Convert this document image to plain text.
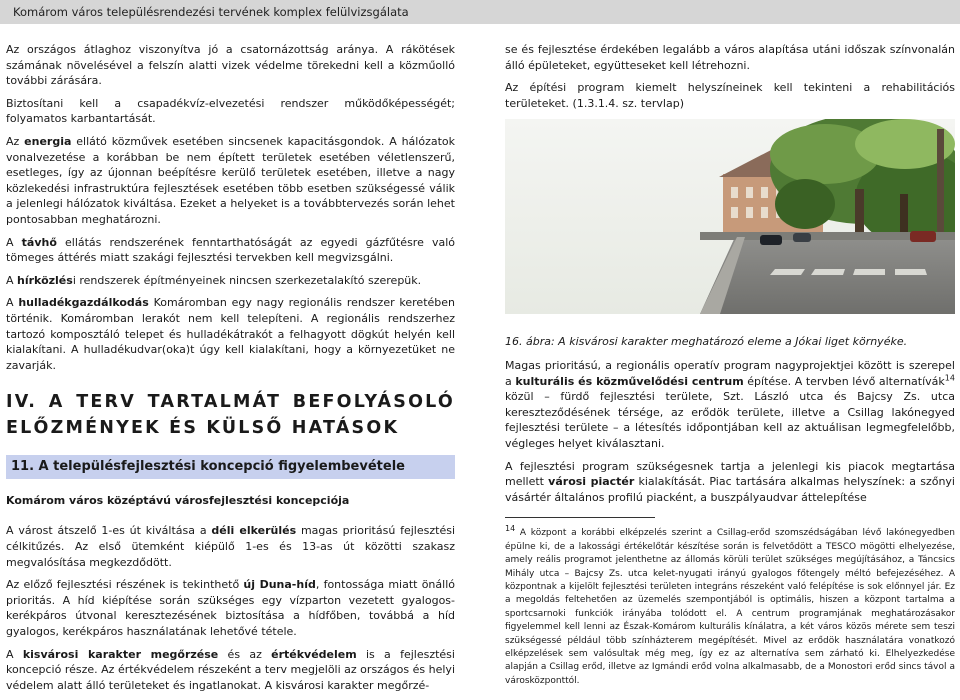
Komárom város településrendezési tervének komplex felülvizsgálata

Az országos átlaghoz viszonyítva jó a csatornázottság aránya. A rákötések számának növelésével a felszín alatti vizek védelme törekedni kell a közműolló további zárására.

Biztosítani kell a csapadékvíz-elvezetési rendszer működőképességét; folyamatos karbantartását.

Az energia ellátó közművek esetében sincsenek kapacitásgondok. A hálózatok vonalvezetése a korábban be nem épített területek esetében véletlenszerű, esetleges, így az újonnan beépítésre kerülő területek esetében, illetve a nagy közlekedési infrastruktúra fejlesztések esetében több esetben szükségessé válik a jelenlegi hálózatok kiváltása. Ezeket a helyeket is a továbbtervezés során lehet pontosabban meghatározni.

A távhő ellátás rendszerének fenntarthatóságát az egyedi gázfűtésre való tömeges áttérés miatt szakági fejlesztési tervekben kell megvizsgálni.

A hírközlési rendszerek építményeinek nincsen szerkezetalakító szerepük.

A hulladékgazdálkodás Komáromban egy nagy regionális rendszer keretében történik. Komáromban lerakót nem kell telepíteni. A regionális rendszerhez tartozó komposztáló telepet és hulladékátrakót a felhagyott dögkút helyén kell kialakítani. A hulladékudvar(oka)t úgy kell kialakítani, hogy a környezetüket ne zavarják.

IV. A TERV TARTALMÁT BEFOLYÁSOLÓ ELŐZMÉNYEK ÉS KÜLSŐ HATÁSOK
11. A településfejlesztési koncepció figyelembevétele
Komárom város középtávú városfejlesztési koncepciója

A várost átszelő 1-es út kiváltása a déli elkerülés magas prioritású fejlesztési célkitűzés. Az első ütemként kiépülő 1-es és 13-as út közötti szakasz megvalósítása megkezdődött.

Az előző fejlesztési részének is tekinthető új Duna-híd, fontossága miatt önálló prioritás. A híd kiépítése során szükséges egy vízparton vezetett gyalogos-kerékpáros útvonal keresztezésének biztosítása a hídfőben, továbbá a híd gyalogos, kerékpáros használatának lehetővé tétele.

A kisvárosi karakter megőrzése és az értékvédelem is a fejlesztési koncepció része. Az értékvédelem részeként a terv megjelöli az országos és helyi védelem alatt álló területeket és ingatlanokat. A kisvárosi karakter megőrzé-

se és fejlesztése érdekében legalább a város alapítása utáni időszak színvonalán álló épületeket, együtteseket kell létrehozni.

Az építési program kiemelt helyszíneinek kell tekinteni a rehabilitációs területeket. (1.3.1.4. sz. tervlap)

16. ábra: A kisvárosi karakter meghatározó eleme a Jókai liget környéke.

Magas prioritású, a regionális operatív program nagyprojektjei között is szerepel a kulturális és közművelődési centrum építése. A tervben lévő alternatívák$^{14}$ közül – fürdő fejlesztési területe, Szt. László utca és Bajcsy Zs. utca kereszteződésének térsége, az erődök területe, illetve a Csillag lakónegyed fejlesztési területe – a létesítés időpontjában kell az aktuálisan legmegfelelőbb, végleges helyet kiválasztani.

A fejlesztési program szükségesnek tartja a jelenlegi kis piacok megtartása mellett városi piactér kialakítását. Piac tartására alkalmas helyszínek: a szőnyi vásártér általános profilú piacként, a buszpályaudvar áttelepítése

$^{14}$ A központ a korábbi elképzelés szerint a Csillag-erőd szomszédságában lévő lakónegyedben épülne ki, de a lakossági értékelőtár készítése során is felvetődött a TESCO mögötti elhelyezése, amely reális programot jelenthetne az állomás körüli terület szükséges megújításához, a Táncsics Mihály utca – Bajcsy Zs. utca kelet-nyugati irányú gyalogos főtengely méltó befejezéséhez. A központnak a kijelölt fejlesztési területen integráns részeként való felépítése is sok előnnyel jár. Ez a megoldás feltehetően az üzemelés szempontjából is optimális, hiszen a központ tartalma a sportcsarnoki funkciók irányába tolódott el. A centrum programjának meghatározásakor figyelemmel kell lenni az Észak-Komárom kulturális kínálatra, a két város közös mérete sem teszi szükségessé például több színházterem megépítését. Mivel az erődök használatára vonatkozó elképzelések sem valósultak még meg, így ez az alternatíva sem zárható ki. Elhelyezkedése alapján a Csillag erőd, illetve az Igmándi erőd volna alkalmasabb, de a Monostori erőd sincs távol a városközponttól.
